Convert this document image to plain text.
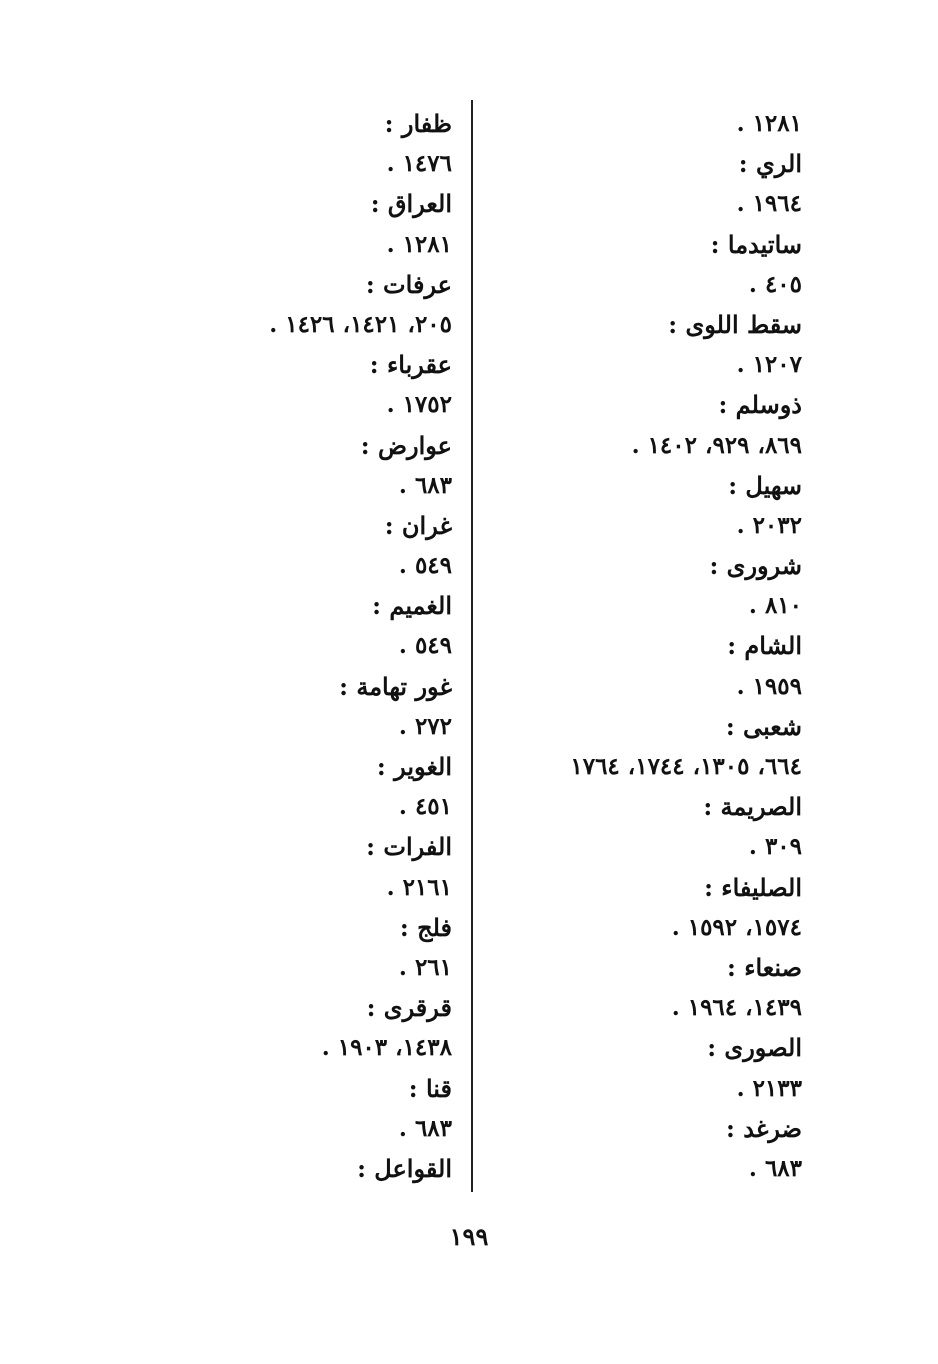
١٢٨١ .
الري :
١٩٦٤ .
ساتيدما :
٤٠٥ .
سقط اللوى :
١٢٠٧ .
ذوسلم :
٨٦٩، ٩٢٩، ١٤٠٢ .
سهيل :
٢٠٣٢ .
شرورى :
٨١٠ .
الشام :
١٩٥٩ .
شعبى :
٦٦٤، ١٣٠٥، ١٧٤٤، ١٧٦٤
الصريمة :
٣٠٩ .
الصليفاء :
١٥٧٤، ١٥٩٢ .
صنعاء :
١٤٣٩، ١٩٦٤ .
الصورى :
٢١٣٣ .
ضرغد :
٦٨٣ .
ظفار :
١٤٧٦ .
العراق :
١٢٨١ .
عرفات :
٢٠٥، ١٤٢١، ١٤٢٦ .
عقرباء :
١٧٥٢ .
عوارض :
٦٨٣ .
غران :
٥٤٩ .
الغميم :
٥٤٩ .
غور تهامة :
٢٧٢ .
الغوير :
٤٥١ .
الفرات :
٢١٦١ .
فلج :
٢٦١ .
قرقرى :
١٤٣٨، ١٩٠٣ .
قنا :
٦٨٣ .
القواعل :
١٩٩
